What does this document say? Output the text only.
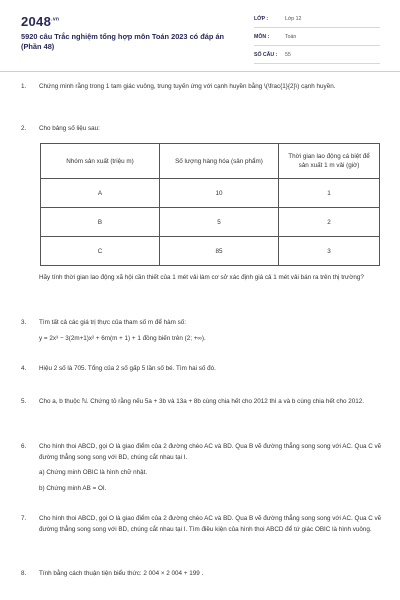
$2048^{.vn}$
5920 câu Trắc nghiệm tổng hợp môn Toán 2023 có đáp án (Phần 48)
LỚP :	Lớp 12
MÔN :	Toán
SỐ CÂU : 55
1. Chứng minh rằng trong 1 tam giác vuông, trung tuyến ứng với cạnh huyền bằng \(\frac{1}{2}\) cạnh huyền.
2. Cho bảng số liệu sau:
Nhóm sản xuất (triệu m)	Số lượng hàng hóa (sản phẩm)	Thời gian lao động cá biệt để sản xuất 1 m vải (giờ)
A	10	1
B	5	2
C	85	3
Hãy tính thời gian lao động xã hội cần thiết của 1 mét vải làm cơ sở xác định giá cả 1 mét vải bán ra trên thị trường?
3. Tìm tất cả các giá trị thực của tham số m để hàm số:
y = 2x³ − 3(2m+1)x² + 6m(m + 1) + 1 đồng biến trên (2; +∞).
4. Hiệu 2 số là 705. Tổng của 2 số gấp 5 lần số bé. Tìm hai số đó.
5. Cho a, b thuộc ℕ. Chứng tỏ rằng nếu 5a + 3b và 13a + 8b cùng chia hết cho 2012 thì a và b cùng chia hết cho 2012.
6. Cho hình thoi ABCD, gọi O là giao điểm của 2 đường chéo AC và BD. Qua B vẽ đường thẳng song song với AC. Qua C vẽ đường thẳng song song với BD, chúng cắt nhau tại I.
a) Chứng minh OBIC là hình chữ nhật.
b) Chứng minh AB = OI.
7. Cho hình thoi ABCD, gọi O là giao điểm của 2 đường chéo AC và BD. Qua B vẽ đường thẳng song song với AC. Qua C vẽ đường thẳng song song với BD, chúng cắt nhau tại I. Tìm điều kiện của hình thoi ABCD để tứ giác OBIC là hình vuông.
8. Tính bằng cách thuận tiện biểu thức: 2 004 × 2 004 + 199 .
